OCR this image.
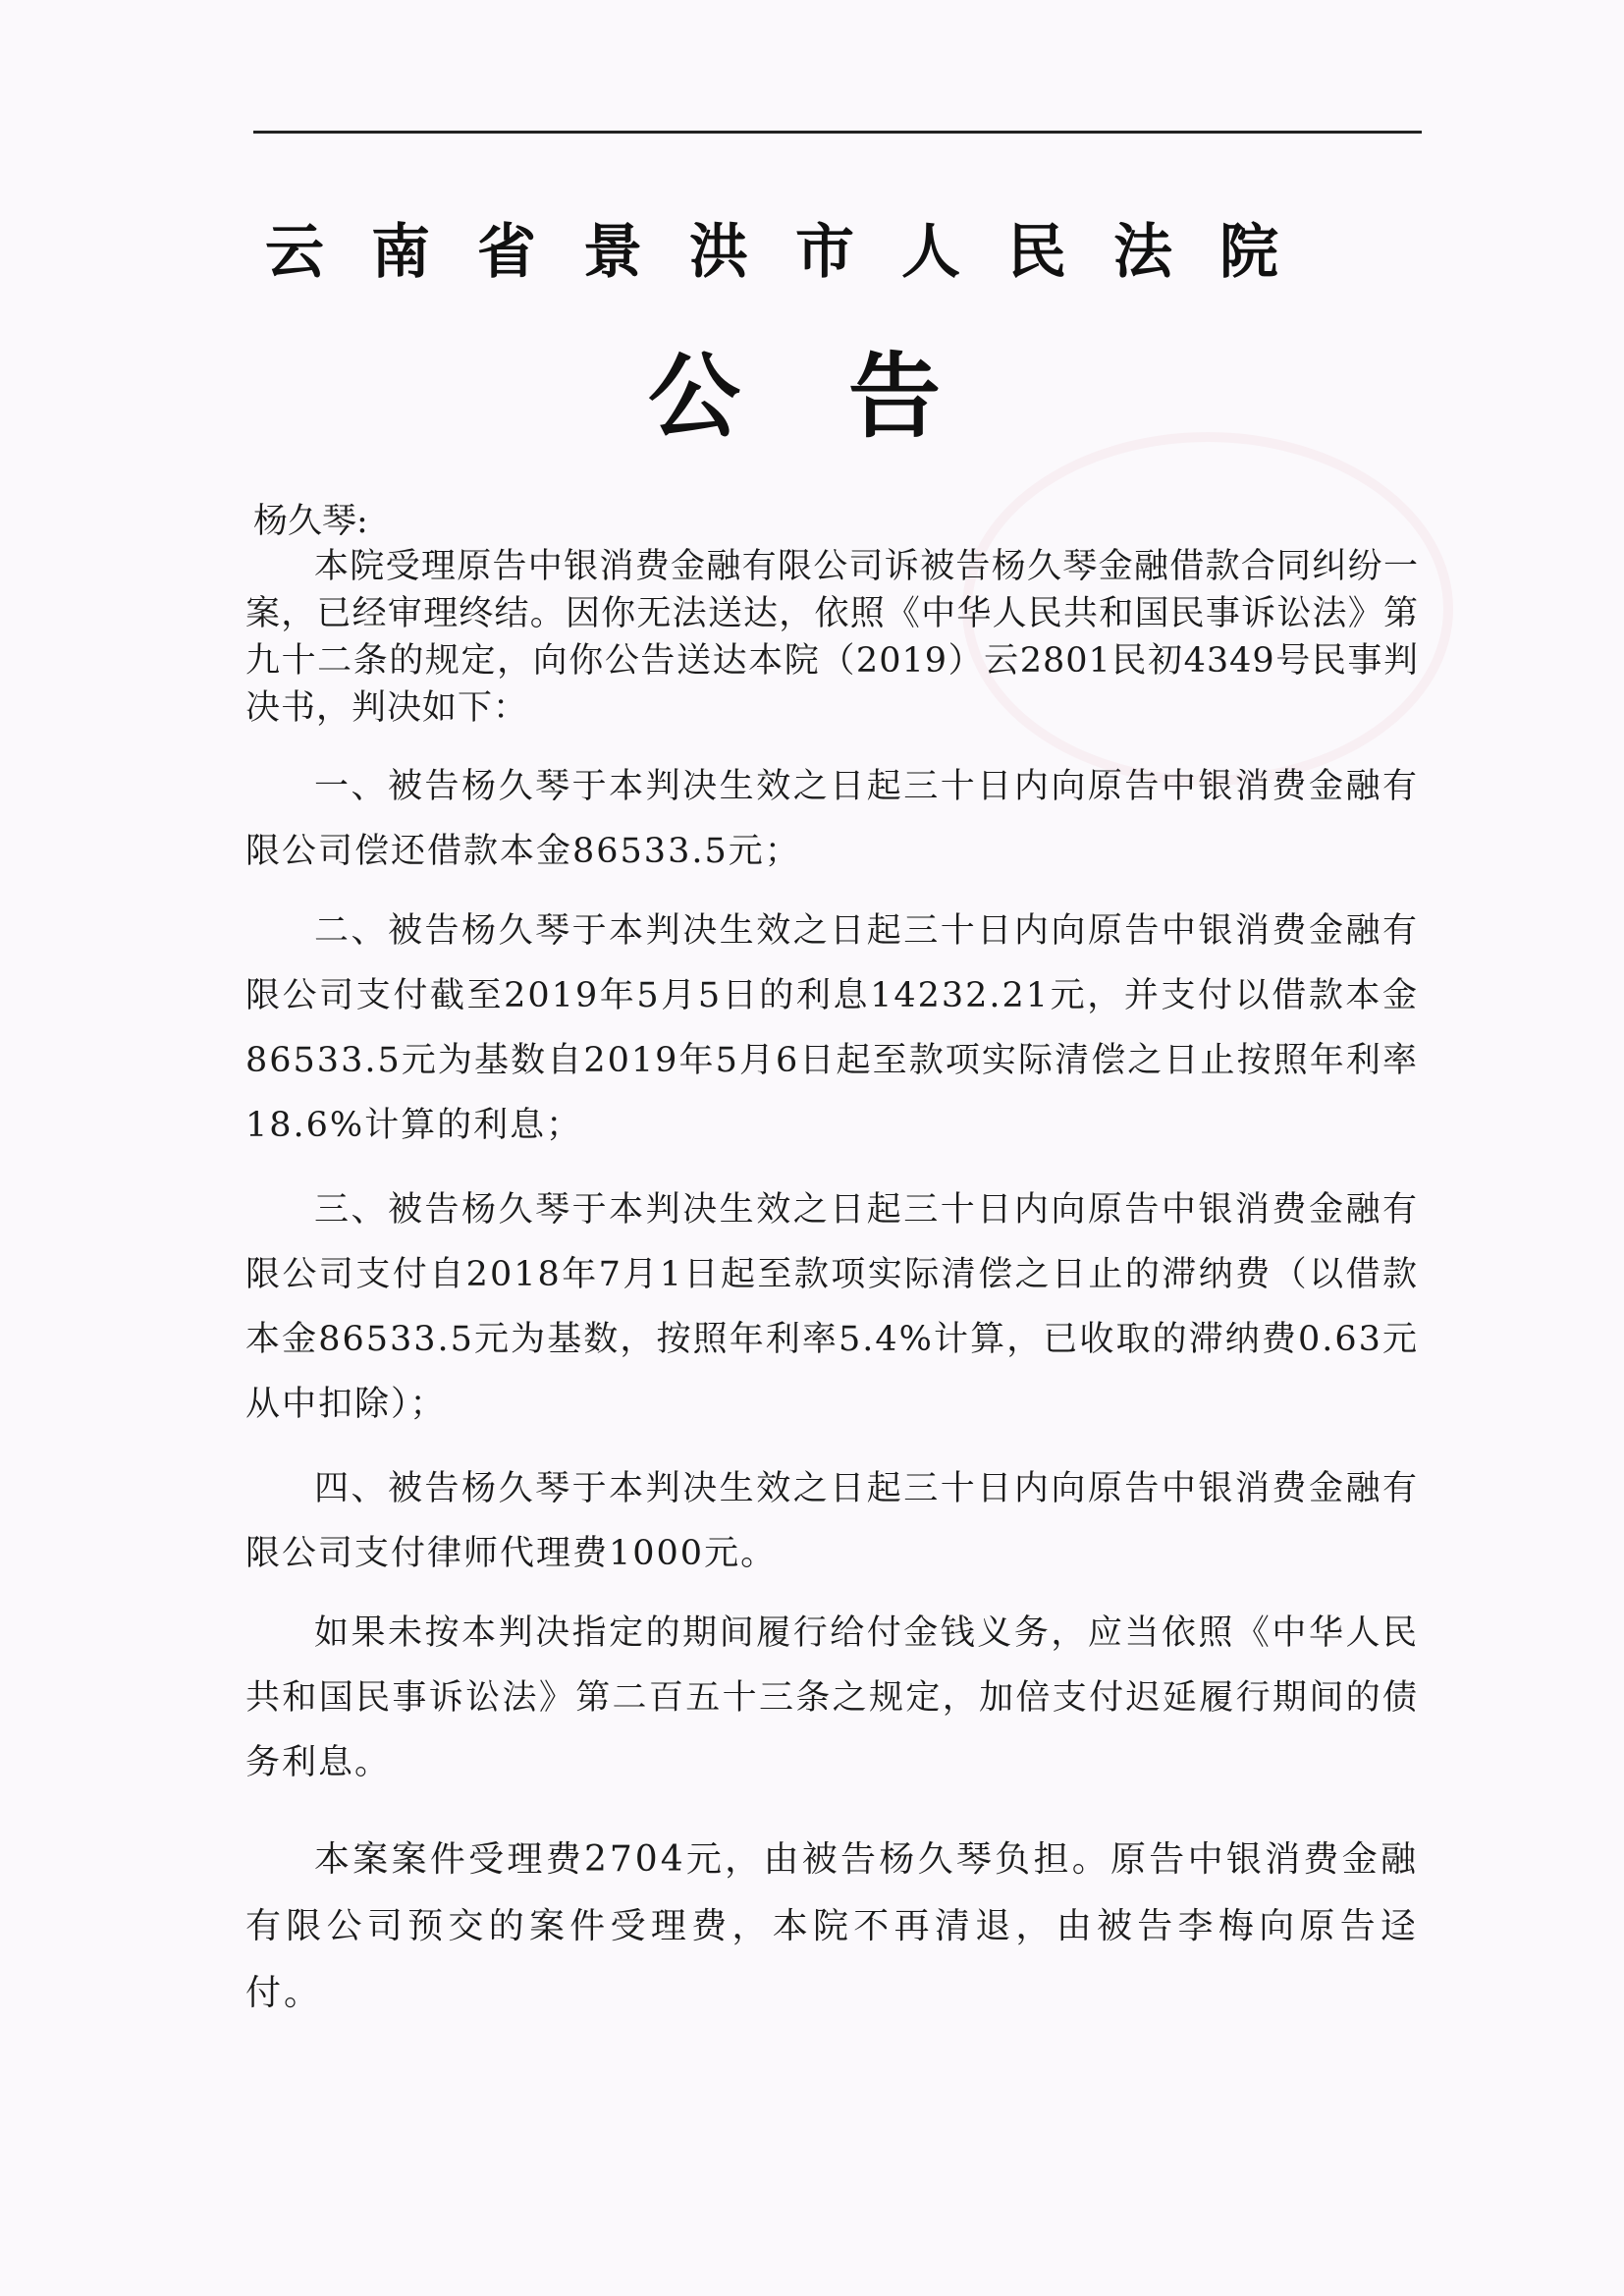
云南省景洪市人民法院
公告
杨久琴:

本院受理原告中银消费金融有限公司诉被告杨久琴金融借款合同纠纷一案，已经审理终结。因你无法送达，依照《中华人民共和国民事诉讼法》第九十二条的规定，向你公告送达本院（2019）云2801民初4349号民事判决书，判决如下：

一、被告杨久琴于本判决生效之日起三十日内向原告中银消费金融有限公司偿还借款本金86533.5元；

二、被告杨久琴于本判决生效之日起三十日内向原告中银消费金融有限公司支付截至2019年5月5日的利息14232.21元，并支付以借款本金86533.5元为基数自2019年5月6日起至款项实际清偿之日止按照年利率18.6%计算的利息；

三、被告杨久琴于本判决生效之日起三十日内向原告中银消费金融有限公司支付自2018年7月1日起至款项实际清偿之日止的滞纳费（以借款本金86533.5元为基数，按照年利率5.4%计算，已收取的滞纳费0.63元从中扣除）；

四、被告杨久琴于本判决生效之日起三十日内向原告中银消费金融有限公司支付律师代理费1000元。

如果未按本判决指定的期间履行给付金钱义务，应当依照《中华人民共和国民事诉讼法》第二百五十三条之规定，加倍支付迟延履行期间的债务利息。

本案案件受理费2704元，由被告杨久琴负担。原告中银消费金融有限公司预交的案件受理费，本院不再清退，由被告李梅向原告迳付。
